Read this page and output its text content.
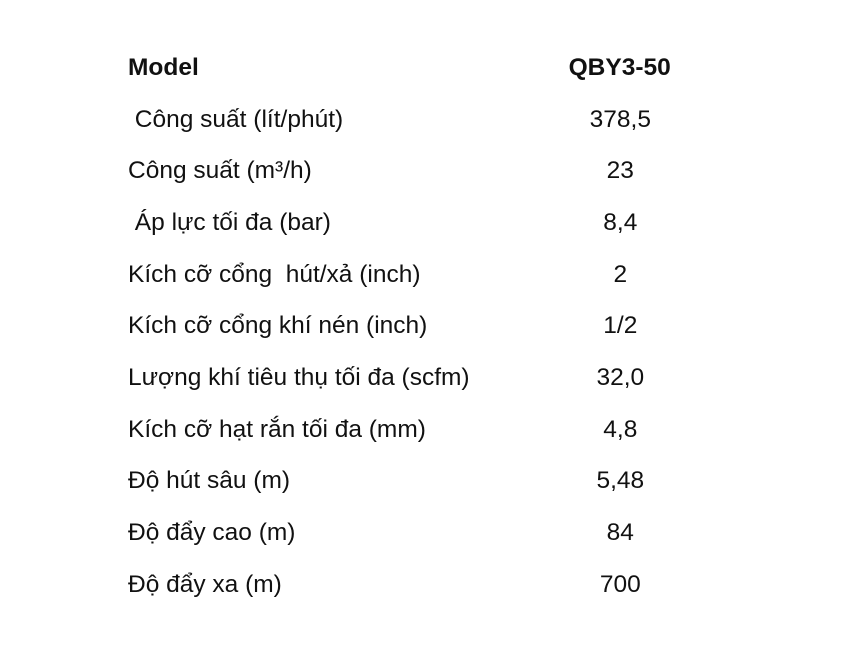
Model	QBY3-50
Công suất (lít/phút)	378,5
Công suất (m³/h)	23
Áp lực tối đa (bar)	8,4
Kích cỡ cổng  hút/xả (inch)	2
Kích cỡ cổng khí nén (inch)	1/2
Lượng khí tiêu thụ tối đa (scfm)	32,0
Kích cỡ hạt rắn tối đa (mm)	4,8
Độ hút sâu (m)	5,48
Độ đẩy cao (m)	84
Độ đẩy xa (m)	700
